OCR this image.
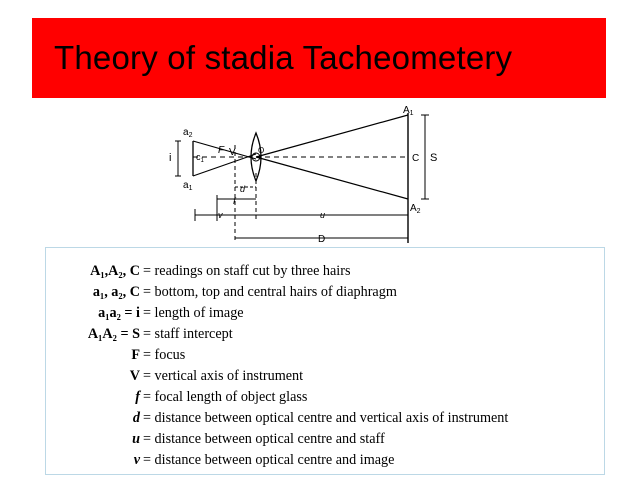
Theory of stadia Tacheometery
$a_2$
$a_1$
i	$c_1$
F V	O
d
f
v	u
D
$A_1$
$A_2$
C S
A₁,A₂, C = readings on staff cut by three hairs
a₁, a₂, C = bottom, top and central hairs of diaphragm
a₁a₂ = i = length of image
A₁A₂ = S = staff intercept
F = focus
V = vertical axis of instrument
f = focal length of object glass
d = distance between optical centre and vertical axis of instrument
u = distance between optical centre and staff
v = distance between optical centre and image
